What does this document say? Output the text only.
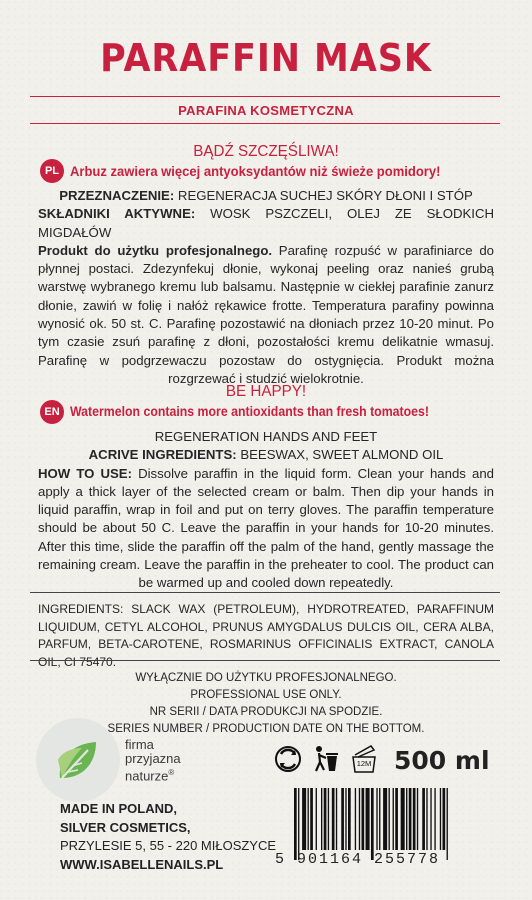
PARAFFIN MASK
PARAFINA KOSMETYCZNA
BĄDŹ SZCZĘŚLIWA!
PL Arbuz zawiera więcej antyoksydantów niż świeże pomidory!
PRZEZNACZENIE: REGENERACJA SUCHEJ SKÓRY DŁONI I STÓP
SKŁADNIKI AKTYWNE: WOSK PSZCZELI, OLEJ ZE SŁODKICH MIGDAŁÓW
Produkt do użytku profesjonalnego. Parafinę rozpuść w parafiniarce do płynnej postaci. Zdezynfekuj dłonie, wykonaj peeling oraz nanieś grubą warstwę wybranego kremu lub balsamu. Następnie w ciekłej parafinie zanurz dłonie, zawiń w folię i nałóż rękawice frotte. Temperatura parafiny powinna wynosić ok. 50 st. C. Parafinę pozostawić na dłoniach przez 10-20 minut. Po tym czasie zsuń parafinę z dłoni, pozostałości kremu delikatnie wmasuj. Parafinę w podgrzewaczu pozostaw do ostygnięcia. Produkt można rozgrzewać i studzić wielokrotnie.
BE HAPPY!
EN Watermelon contains more antioxidants than fresh tomatoes!
REGENERATION HANDS AND FEET
ACRIVE INGREDIENTS: BEESWAX, SWEET ALMOND OIL
HOW TO USE: Dissolve paraffin in the liquid form. Clean your hands and apply a thick layer of the selected cream or balm. Then dip your hands in liquid paraffin, wrap in foil and put on terry gloves. The paraffin temperature should be about 50 C. Leave the paraffin in your hands for 10-20 minutes. After this time, slide the paraffin off the palm of the hand, gently massage the remaining cream. Leave the paraffin in the preheater to cool. The product can be warmed up and cooled down repeatedly.
INGREDIENTS: SLACK WAX (PETROLEUM), HYDROTREATED, PARAFFINUM LIQUIDUM, CETYL ALCOHOL, PRUNUS AMYGDALUS DULCIS OIL, CERA ALBA, PARFUM, BETA-CAROTENE, ROSMARINUS OFFICINALIS EXTRACT, CANOLA OIL, CI 75470.
WYŁĄCZNIE DO UŻYTKU PROFESJONALNEGO.
PROFESSIONAL USE ONLY.
NR SERII / DATA PRODUKCJI NA SPODZIE.
SERIES NUMBER / PRODUCTION DATE ON THE BOTTOM.
firma
przyjazna
naturze®
12M 500 ml
MADE IN POLAND,
SILVER COSMETICS,
PRZYLESIE 5, 55 - 220 MIŁOSZYCE
WWW.ISABELLENAILS.PL	5 901164 255778
